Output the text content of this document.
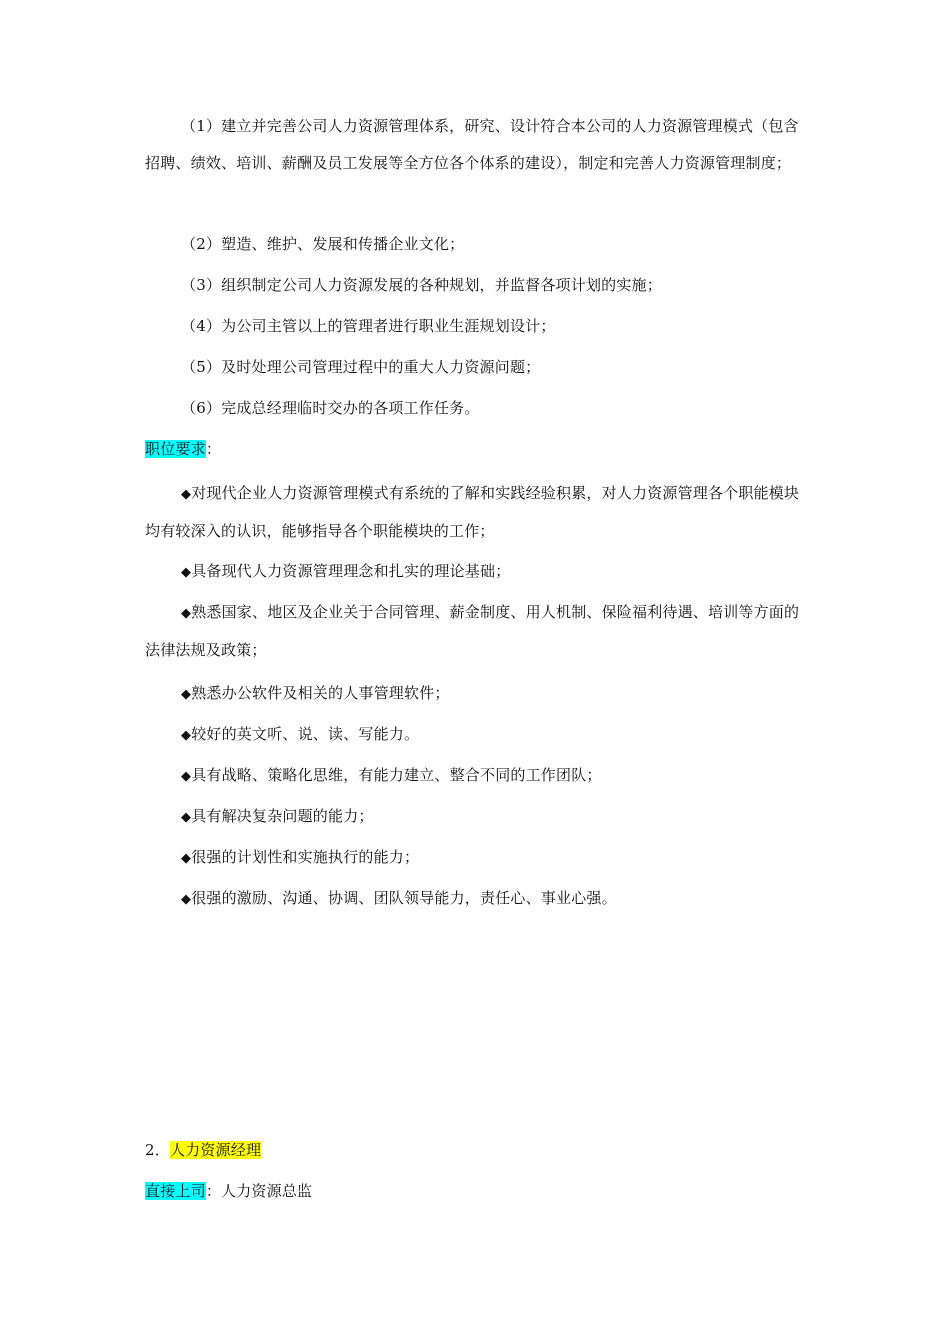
（1）建立并完善公司人力资源管理体系，研究、设计符合本公司的人力资源管理模式（包含招聘、绩效、培训、薪酬及员工发展等全方位各个体系的建设），制定和完善人力资源管理制度；

（2）塑造、维护、发展和传播企业文化；

（3）组织制定公司人力资源发展的各种规划，并监督各项计划的实施；

（4）为公司主管以上的管理者进行职业生涯规划设计；

（5）及时处理公司管理过程中的重大人力资源问题；

（6）完成总经理临时交办的各项工作任务。

职位要求：

◆对现代企业人力资源管理模式有系统的了解和实践经验积累，对人力资源管理各个职能模块均有较深入的认识，能够指导各个职能模块的工作；

◆具备现代人力资源管理理念和扎实的理论基础；

◆熟悉国家、地区及企业关于合同管理、薪金制度、用人机制、保险福利待遇、培训等方面的法律法规及政策；

◆熟悉办公软件及相关的人事管理软件；

◆较好的英文听、说、读、写能力。

◆具有战略、策略化思维，有能力建立、整合不同的工作团队；

◆具有解决复杂问题的能力；

◆很强的计划性和实施执行的能力；

◆很强的激励、沟通、协调、团队领导能力，责任心、事业心强。

2．人力资源经理

直接上司：人力资源总监
